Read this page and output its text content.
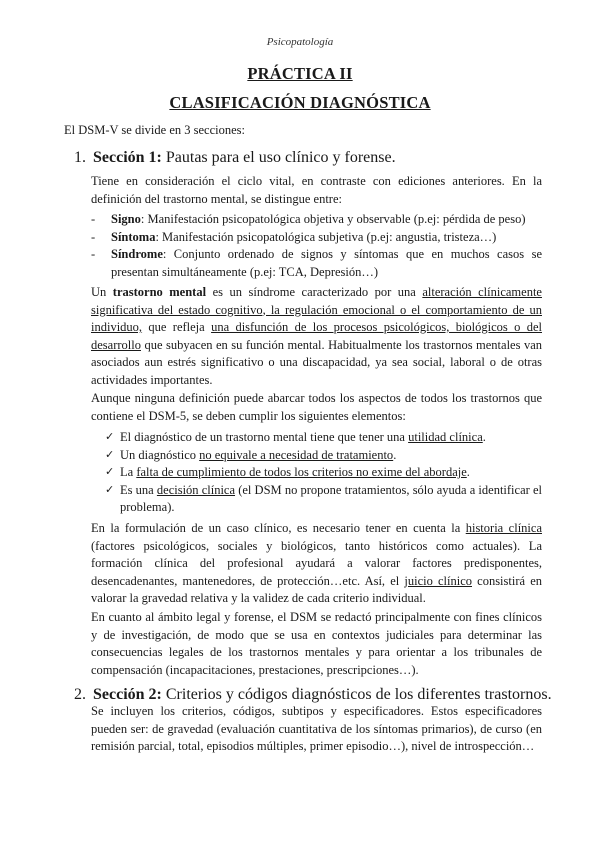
Psicopatología
PRÁCTICA II
CLASIFICACIÓN DIAGNÓSTICA
El DSM-V se divide en 3 secciones:
1. Sección 1: Pautas para el uso clínico y forense.

Tiene en consideración el ciclo vital, en contraste con ediciones anteriores. En la definición del trastorno mental, se distingue entre:

- Signo: Manifestación psicopatológica objetiva y observable (p.ej: pérdida de peso)
- Síntoma: Manifestación psicopatológica subjetiva (p.ej: angustia, tristeza…)
- Síndrome: Conjunto ordenado de signos y síntomas que en muchos casos se presentan simultáneamente (p.ej: TCA, Depresión…)

Un trastorno mental es un síndrome caracterizado por una alteración clínicamente significativa del estado cognitivo, la regulación emocional o el comportamiento de un individuo, que refleja una disfunción de los procesos psicológicos, biológicos o del desarrollo que subyacen en su función mental. Habitualmente los trastornos mentales van asociados aun estrés significativo o una discapacidad, ya sea social, laboral o de otras actividades importantes.

Aunque ninguna definición puede abarcar todos los aspectos de todos los trastornos que contiene el DSM-5, se deben cumplir los siguientes elementos:

✓ El diagnóstico de un trastorno mental tiene que tener una utilidad clínica.
✓ Un diagnóstico no equivale a necesidad de tratamiento.
✓ La falta de cumplimiento de todos los criterios no exime del abordaje.
✓ Es una decisión clínica (el DSM no propone tratamientos, sólo ayuda a identificar el problema).

En la formulación de un caso clínico, es necesario tener en cuenta la historia clínica (factores psicológicos, sociales y biológicos, tanto históricos como actuales). La formación clínica del profesional ayudará a valorar factores predisponentes, desencadenantes, mantenedores, de protección…etc. Así, el juicio clínico consistirá en valorar la gravedad relativa y la validez de cada criterio individual.

En cuanto al ámbito legal y forense, el DSM se redactó principalmente con fines clínicos y de investigación, de modo que se usa en contextos judiciales para determinar las consecuencias legales de los trastornos mentales y para orientar a los tribunales de compensación (incapacitaciones, prestaciones, prescripciones…).

2. Sección 2: Criterios y códigos diagnósticos de los diferentes trastornos.

Se incluyen los criterios, códigos, subtipos y especificadores. Estos especificadores pueden ser: de gravedad (evaluación cuantitativa de los síntomas primarios), de curso (en remisión parcial, total, episodios múltiples, primer episodio…), nivel de introspección…
